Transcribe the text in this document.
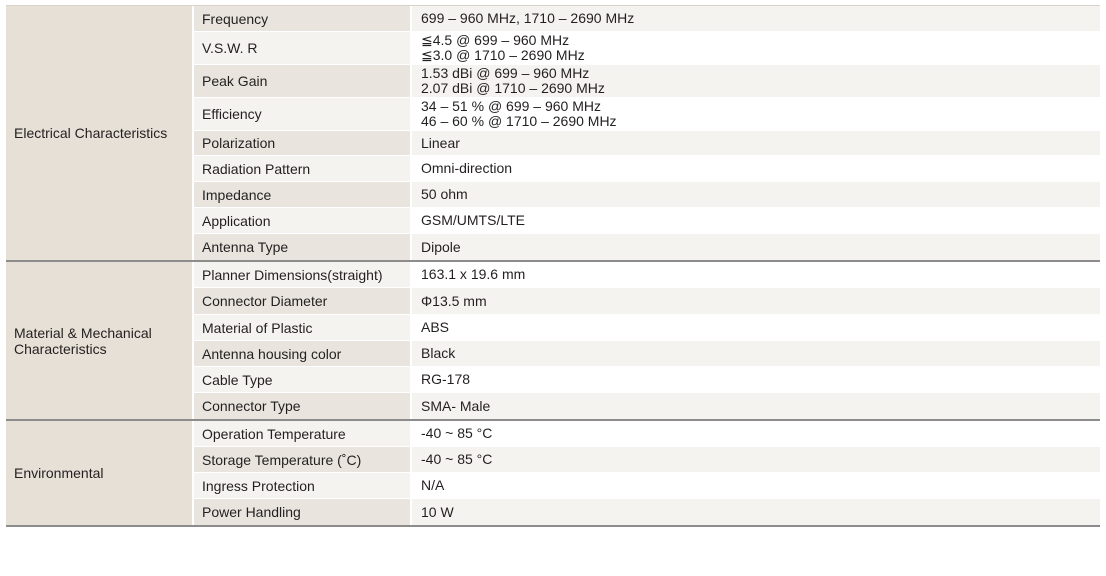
Electrical Characteristics
Frequency	699 – 960 MHz, 1710 – 2690 MHz
V.S.W. R	≦4.5 @ 699 – 960 MHz
≦3.0 @ 1710 – 2690 MHz
Peak Gain	1.53 dBi @ 699 – 960 MHz
2.07 dBi @ 1710 – 2690 MHz
Efficiency	34 – 51 % @ 699 – 960 MHz
46 – 60 % @ 1710 – 2690 MHz
Polarization	Linear
Radiation Pattern	Omni-direction
Impedance	50 ohm
Application	GSM/UMTS/LTE
Antenna Type	Dipole
Material & Mechanical Characteristics
Planner Dimensions(straight)	163.1 x 19.6 mm
Connector Diameter	Φ13.5 mm
Material of Plastic	ABS
Antenna housing color	Black
Cable Type	RG-178
Connector Type	SMA- Male
Environmental
Operation Temperature	-40 ~ 85 °C
Storage Temperature (˚C)	-40 ~ 85 °C
Ingress Protection	N/A
Power Handling	10 W
